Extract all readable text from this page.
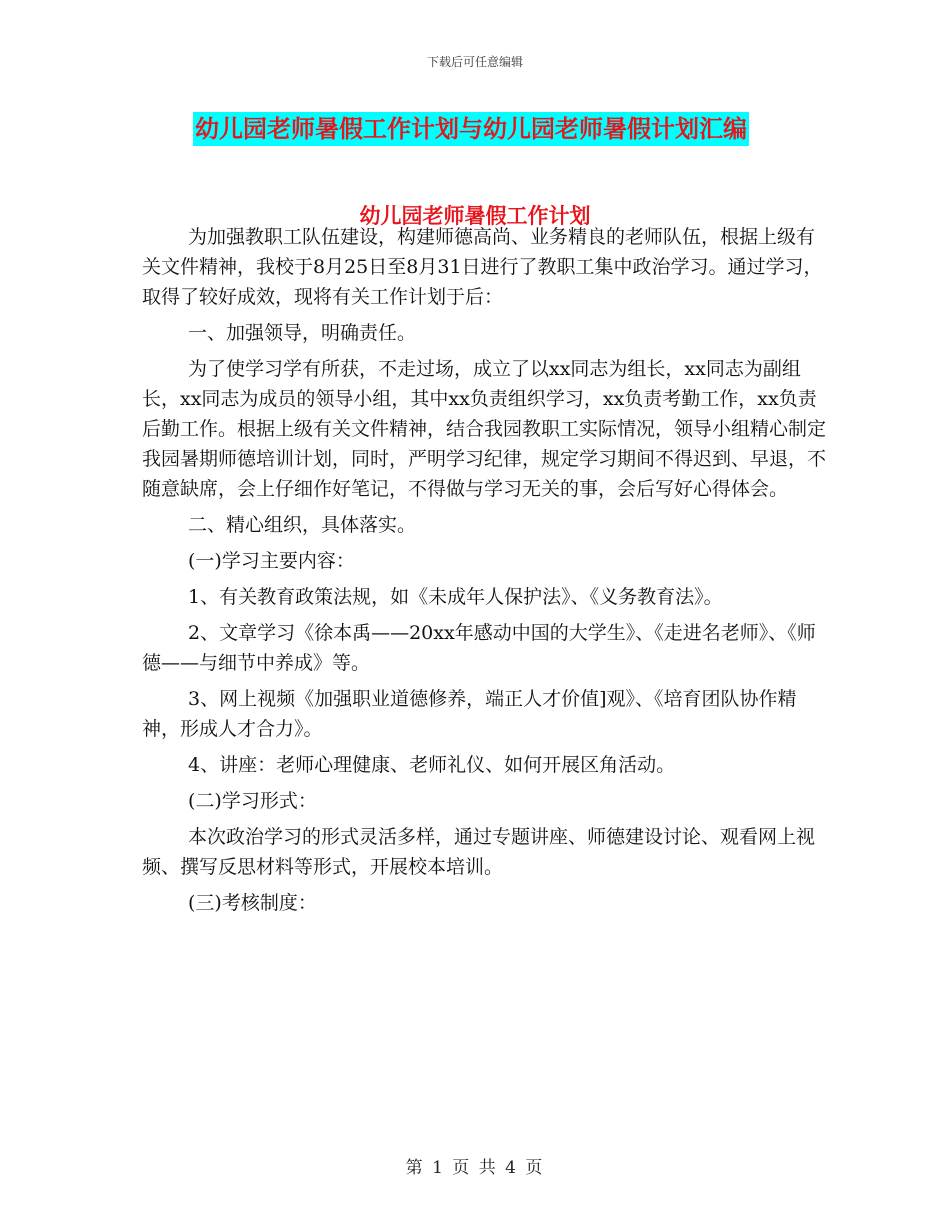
下载后可任意编辑
幼儿园老师暑假工作计划与幼儿园老师暑假计划汇编
幼儿园老师暑假工作计划

为加强教职工队伍建设，构建师德高尚、业务精良的老师队伍，根据上级有关文件精神，我校于8月25日至8月31日进行了教职工集中政治学习。通过学习，取得了较好成效，现将有关工作计划于后：

一、加强领导，明确责任。

为了使学习学有所获，不走过场，成立了以xx同志为组长，xx同志为副组长，xx同志为成员的领导小组，其中xx负责组织学习，xx负责考勤工作，xx负责后勤工作。根据上级有关文件精神，结合我园教职工实际情况，领导小组精心制定我园暑期师德培训计划，同时，严明学习纪律，规定学习期间不得迟到、早退，不随意缺席，会上仔细作好笔记，不得做与学习无关的事，会后写好心得体会。

二、精心组织，具体落实。

(一)学习主要内容：

1、有关教育政策法规，如《未成年人保护法》、《义务教育法》。

2、文章学习《徐本禹——20xx年感动中国的大学生》、《走进名老师》、《师德——与细节中养成》等。

3、网上视频《加强职业道德修养，端正人才价值]观》、《培育团队协作精神，形成人才合力》。

4、讲座：老师心理健康、老师礼仪、如何开展区角活动。

(二)学习形式：

本次政治学习的形式灵活多样，通过专题讲座、师德建设讨论、观看网上视频、撰写反思材料等形式，开展校本培训。

(三)考核制度：

第 1 页 共 4 页
